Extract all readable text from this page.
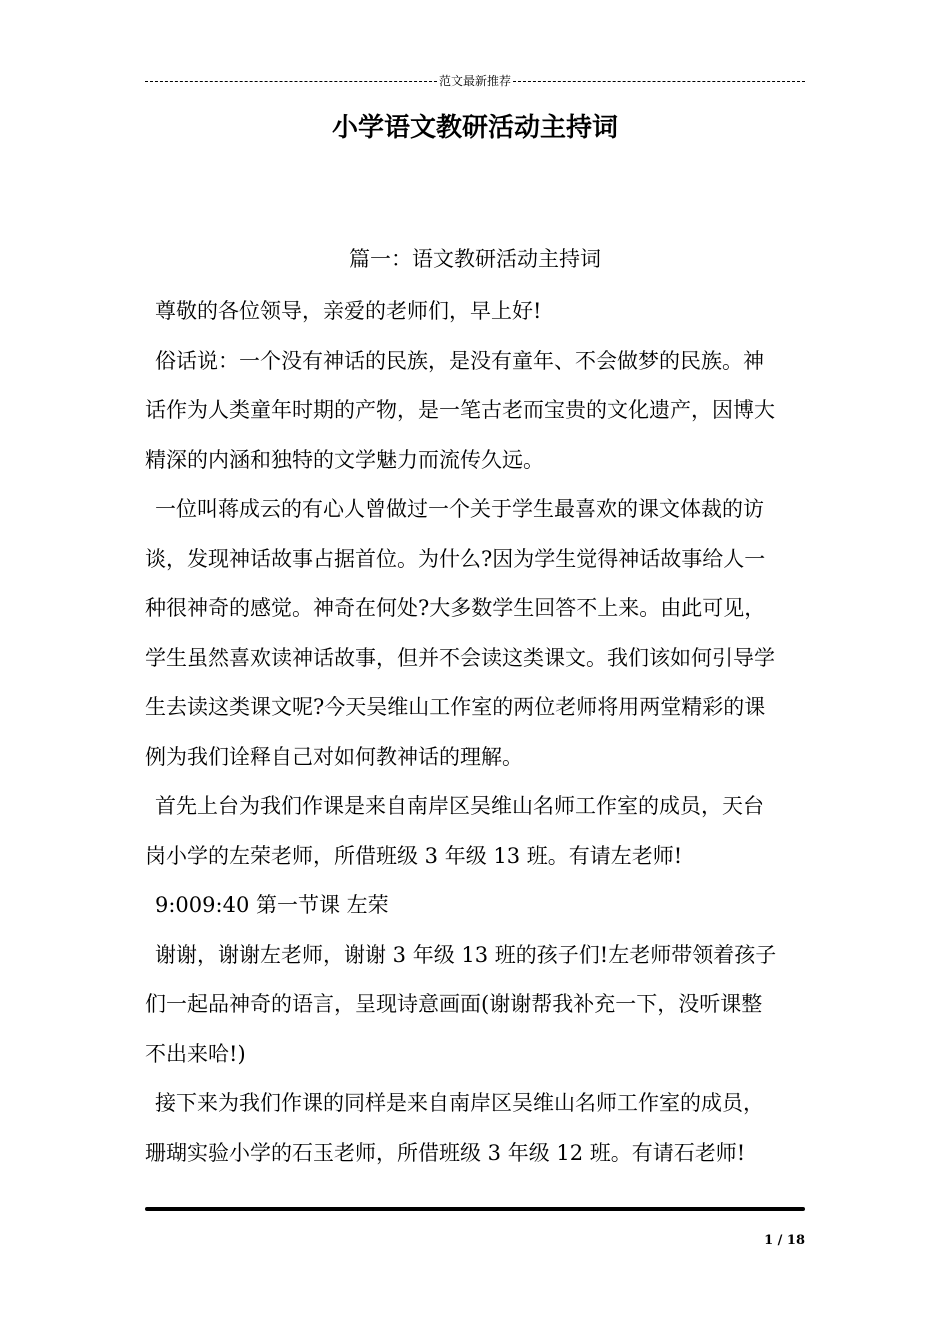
范文最新推荐
小学语文教研活动主持词
篇一：语文教研活动主持词

尊敬的各位领导，亲爱的老师们，早上好!

俗话说：一个没有神话的民族，是没有童年、不会做梦的民族。神
话作为人类童年时期的产物，是一笔古老而宝贵的文化遗产，因博大
精深的内涵和独特的文学魅力而流传久远。

一位叫蒋成云的有心人曾做过一个关于学生最喜欢的课文体裁的访
谈，发现神话故事占据首位。为什么?因为学生觉得神话故事给人一
种很神奇的感觉。神奇在何处?大多数学生回答不上来。由此可见，
学生虽然喜欢读神话故事，但并不会读这类课文。我们该如何引导学
生去读这类课文呢?今天吴维山工作室的两位老师将用两堂精彩的课
例为我们诠释自己对如何教神话的理解。

首先上台为我们作课是来自南岸区吴维山名师工作室的成员，天台
岗小学的左荣老师，所借班级 3 年级 13 班。有请左老师!

9:009:40 第一节课 左荣

谢谢，谢谢左老师，谢谢 3 年级 13 班的孩子们!左老师带领着孩子
们一起品神奇的语言，呈现诗意画面(谢谢帮我补充一下，没听课整
不出来哈!)

接下来为我们作课的同样是来自南岸区吴维山名师工作室的成员，
珊瑚实验小学的石玉老师，所借班级 3 年级 12 班。有请石老师!

1 / 18
